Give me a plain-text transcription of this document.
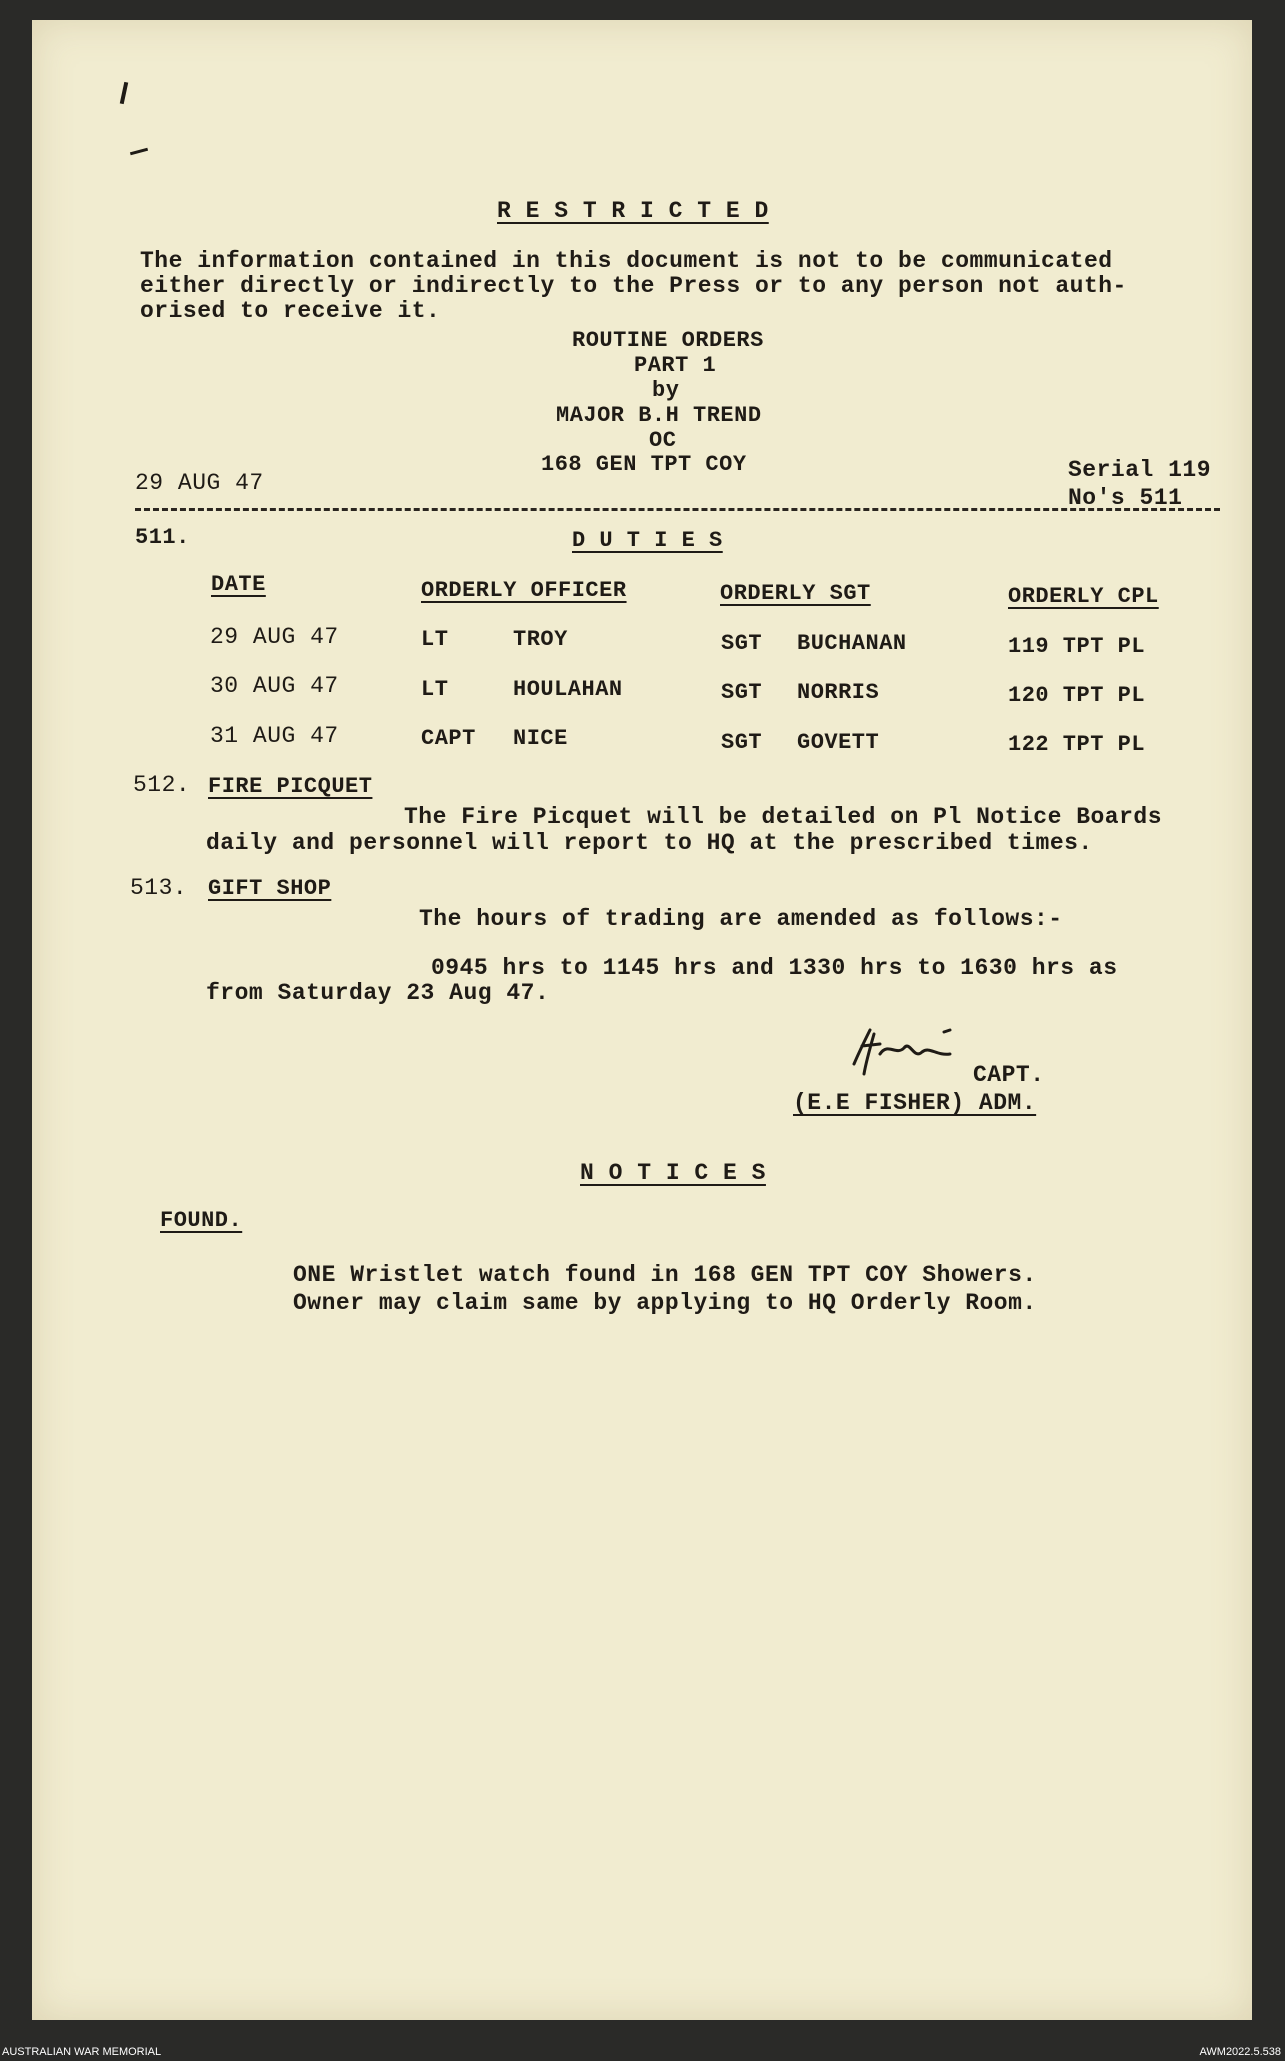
R E S T R I C T E D
The information contained in this document is not to be communicated
either directly or indirectly to the Press or to any person not auth-
orised to receive it.
ROUTINE ORDERS
PART 1
by
MAJOR B.H TREND
OC
168 GEN TPT COY
29 AUG 47	Serial 119
No's 511
511.	D U T I E S
DATE	ORDERLY OFFICER	ORDERLY SGT	ORDERLY CPL
29 AUG 47	LT	TROY	SGT BUCHANAN	119 TPT PL
30 AUG 47	LT	HOULAHAN	SGT NORRIS	120 TPT PL
31 AUG 47	CAPT NICE	SGT GOVETT	122 TPT PL
512. FIRE PICQUET
The Fire Picquet will be detailed on Pl Notice Boards
daily and personnel will report to HQ at the prescribed times.
513. GIFT SHOP
The hours of trading are amended as follows:-
0945 hrs to 1145 hrs and 1330 hrs to 1630 hrs as
from Saturday 23 Aug 47.
CAPT.
(E.E FISHER) ADM.
N O T I C E S
FOUND.
ONE Wristlet watch found in 168 GEN TPT COY Showers.
Owner may claim same by applying to HQ Orderly Room.
AUSTRALIAN WAR MEMORIAL	AWM2022.5.538
